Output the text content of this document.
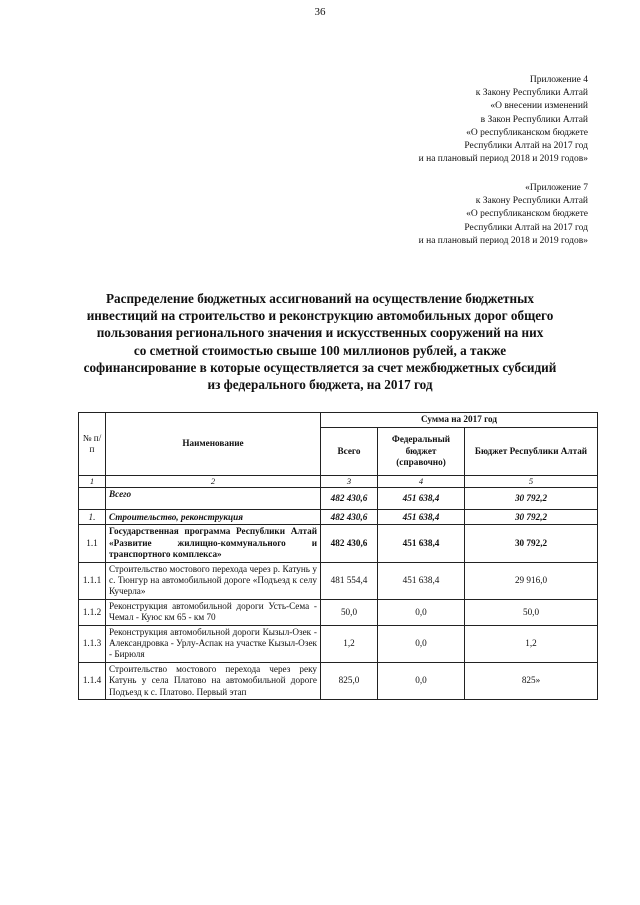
36
Приложение 4
к Закону Республики Алтай
«О внесении изменений
в Закон Республики Алтай
«О республиканском бюджете
Республики Алтай на 2017 год
и на плановый период 2018 и 2019 годов»
«Приложение 7
к Закону Республики Алтай
«О республиканском бюджете
Республики Алтай на 2017 год
и на плановый период 2018 и 2019 годов»
Распределение бюджетных ассигнований на осуществление бюджетных
инвестиций на строительство и реконструкцию автомобильных дорог общего
пользования регионального значения и искусственных сооружений на них
со сметной стоимостью свыше 100 миллионов рублей, а также
софинансирование в которые осуществляется за счет межбюджетных субсидий
из федерального бюджета, на 2017 год
№ п/п	Наименование	Сумма на 2017 год		
		Всего	Федеральный бюджет (справочно)	Бюджет Республики Алтай
1	2	3	4	5
	Всего	482 430,6	451 638,4	30 792,2
1.	Строительство, реконструкция	482 430,6	451 638,4	30 792,2
1.1	Государственная программа Республики Алтай «Развитие жилищно-коммунального и транспортного комплекса»	482 430,6	451 638,4	30 792,2
1.1.1	Строительство мостового перехода через р. Катунь у с. Тюнгур на автомобильной дороге «Подъезд к селу Кучерла»	481 554,4	451 638,4	29 916,0
1.1.2	Реконструкция автомобильной дороги Усть-Сема - Чемал - Куюс км 65 - км 70	50,0	0,0	50,0
1.1.3	Реконструкция автомобильной дороги Кызыл-Озек - Александровка - Урлу-Аспак на участке Кызыл-Озек - Бирюля	1,2	0,0	1,2
1.1.4	Строительство мостового перехода через реку Катунь у села Платово на автомобильной дороге Подъезд к с. Платово. Первый этап	825,0	0,0	825»
